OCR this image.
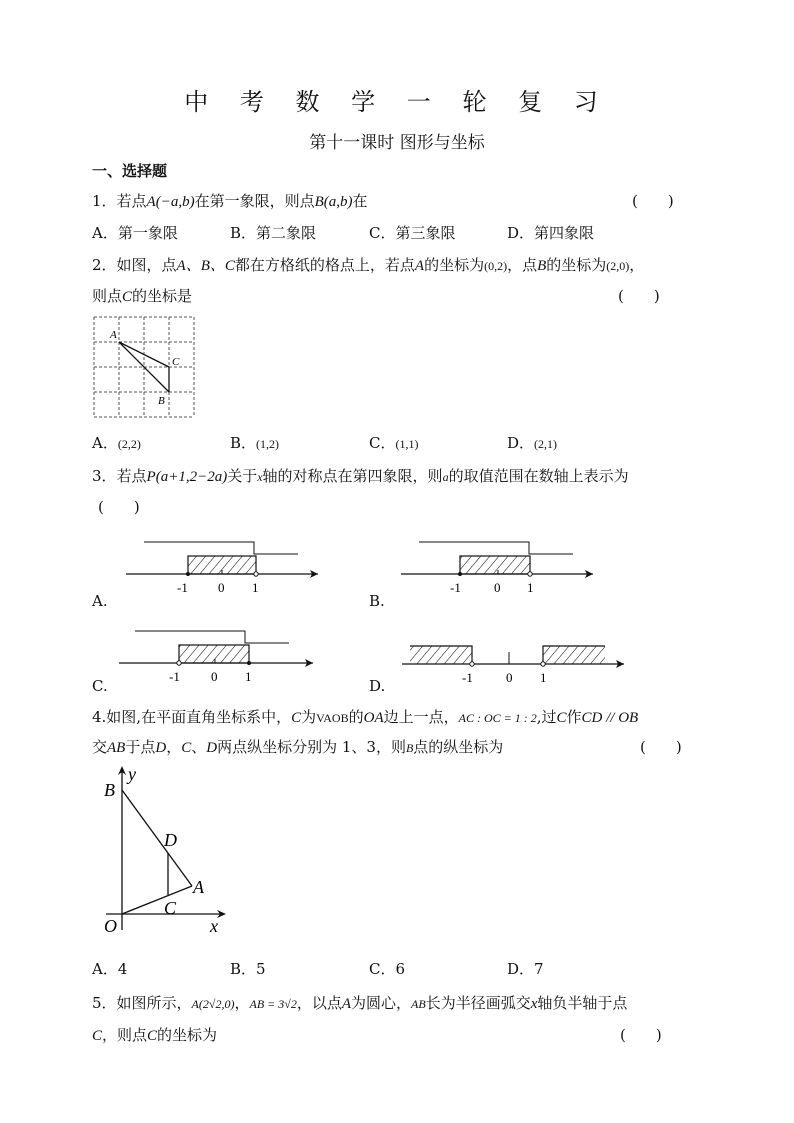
中 考 数 学 一 轮 复 习
第十一课时 图形与坐标
一、选择题
1．若点A(−a,b)在第一象限，则点B(a,b)在	(　　)
A．第一象限	B．第二象限	C．第三象限	D．第四象限
2．如图，点A、B、C都在方格纸的格点上，若点A的坐标为(0,2)，点B的坐标为(2,0)，
则点C的坐标是	(　　)
A
C
B
A．(2,2)	B．(1,2)	C．(1,1)	D．(2,1)
3．若点P(a+1,2−2a)关于x轴的对称点在第四象限，则a的取值范围在数轴上表示为
(　　)
-1 0 1
A.
-1	0 1
B.
-1 0 1
C.	-1	0 1
D.
4.如图,在平面直角坐标系中，C为VAOB的OA边上一点，AC : OC = 1 : 2,过C作CD // OB
交AB于点D，C、D两点纵坐标分别为 1、3，则B点的纵坐标为	(　　)
y
B
D
A
C
O	x
A．4	B．5	C．6	D．7
5．如图所示，A(2√2,0)，AB = 3√2，以点A为圆心，AB长为半径画弧交x轴负半轴于点
C，则点C的坐标为	(　　)
